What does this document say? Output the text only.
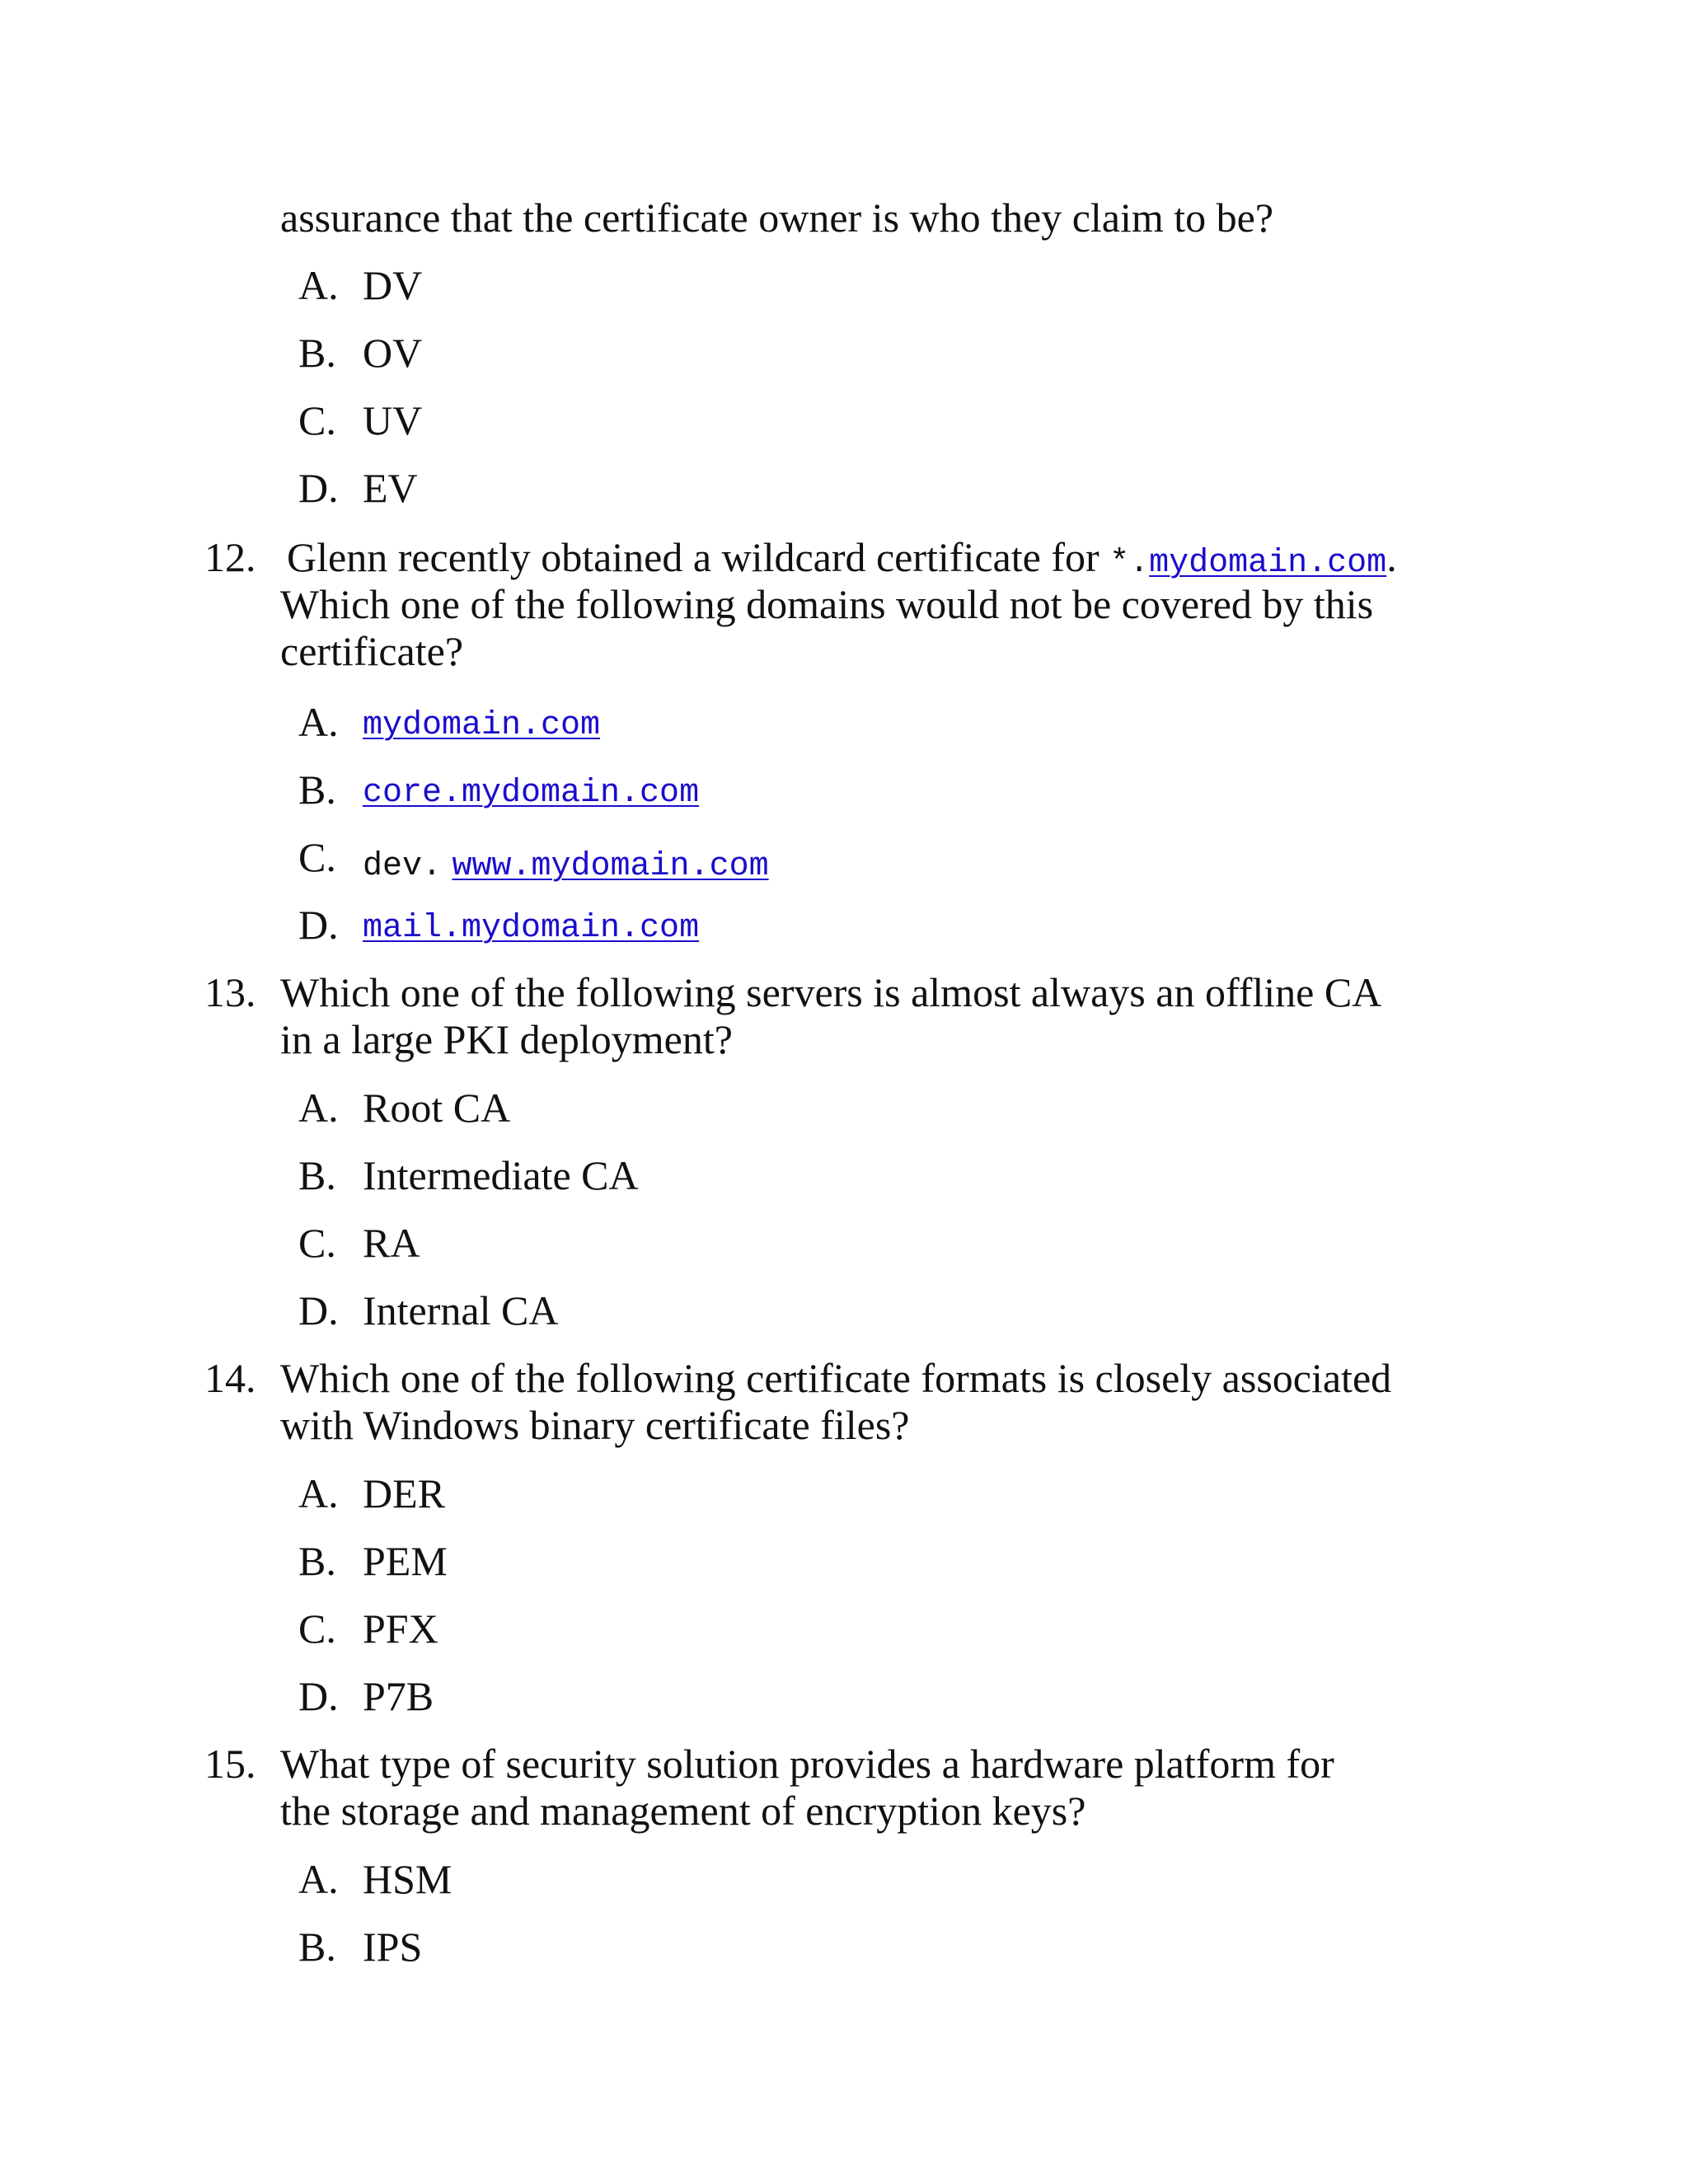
assurance that the certificate owner is who they claim to be?
A. DV
B. OV
C. UV
D. EV
12. Glenn recently obtained a wildcard certificate for *.mydomain.com.
Which one of the following domains would not be covered by this
certificate?
A. mydomain.com
B. core.mydomain.com
C. dev. www.mydomain.com
D. mail.mydomain.com
13. Which one of the following servers is almost always an offline CA
in a large PKI deployment?
A. Root CA
B. Intermediate CA
C. RA
D. Internal CA
14. Which one of the following certificate formats is closely associated
with Windows binary certificate files?
A. DER
B. PEM
C. PFX
D. P7B
15. What type of security solution provides a hardware platform for
the storage and management of encryption keys?
A. HSM
B. IPS
